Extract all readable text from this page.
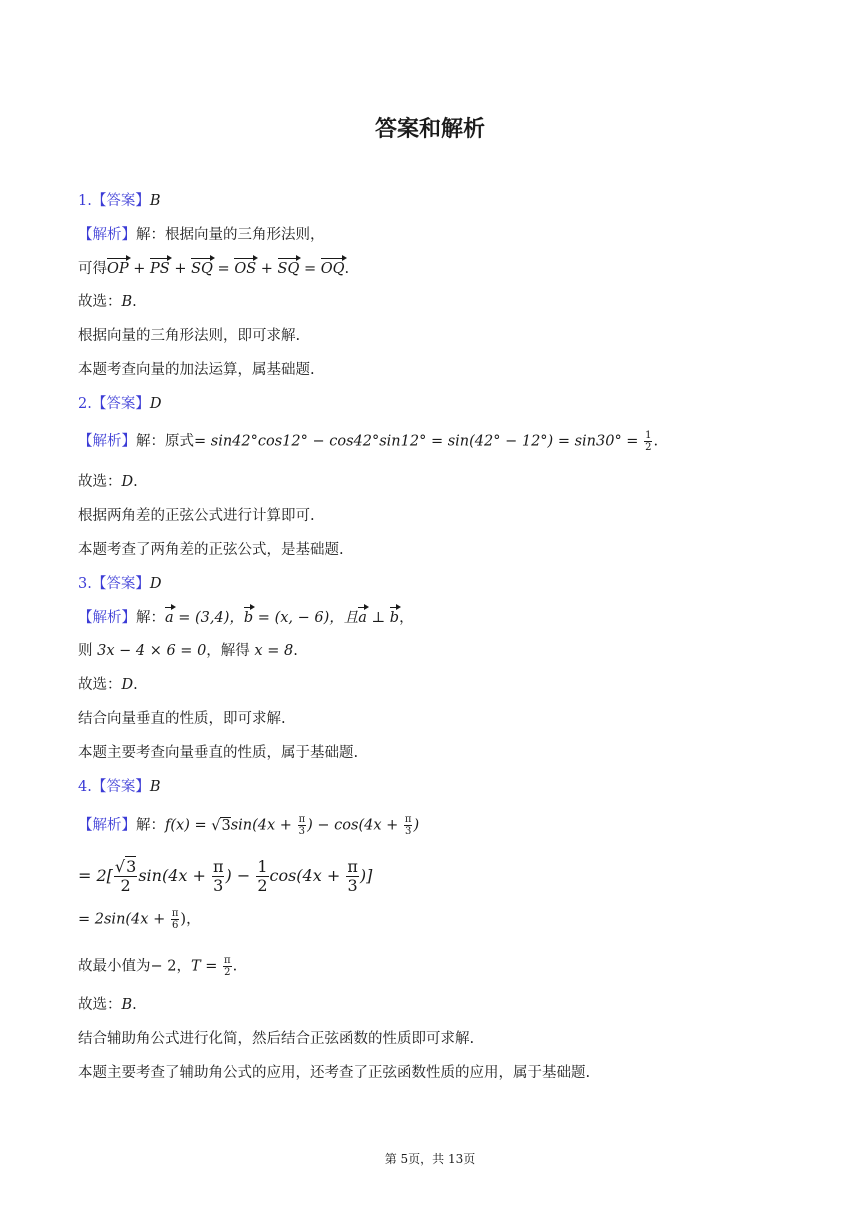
答案和解析
1.【答案】B
【解析】解：根据向量的三角形法则，
可得OP + PS + SQ = OS + SQ = OQ.
故选：B.
根据向量的三角形法则，即可求解.
本题考查向量的加法运算，属基础题.
2.【答案】D
【解析】解：原式= $\sin 42^\circ\cos 12^\circ - \cos 42^\circ\sin 12^\circ = \sin(42^\circ - 12^\circ) = \sin 30^\circ = \frac{1}{2}$ .
故选：D.
根据两角差的正弦公式进行计算即可.
本题考查了两角差的正弦公式，是基础题.
3.【答案】D
【解析】解：a = (3,4)，b = (x, − 6)，且a ⊥ b，
则 3x − 4 × 6 = 0，解得 x = 8.
故选：D.
结合向量垂直的性质，即可求解.
本题主要考查向量垂直的性质，属于基础题.
4.【答案】B
【解析】解：$f(x) = √3\sin(4x + \frac{\pi}{3}$ ) − $\cos(4x + \frac{\pi}{3}$ )
= $2[ \frac{√3}{2} \sin(4x + \frac{\pi}{3}$ ) − $\frac{1}{2} \cos(4x + \frac{\pi}{3}$ )]
= $2\sin(4x + \frac{\pi}{6}$ )，
故最小值为− 2，$T = \frac{\pi}{2}$ .
故选：B.
结合辅助角公式进行化简，然后结合正弦函数的性质即可求解.
本题主要考查了辅助角公式的应用，还考查了正弦函数性质的应用，属于基础题.
第 5页，共 13页
